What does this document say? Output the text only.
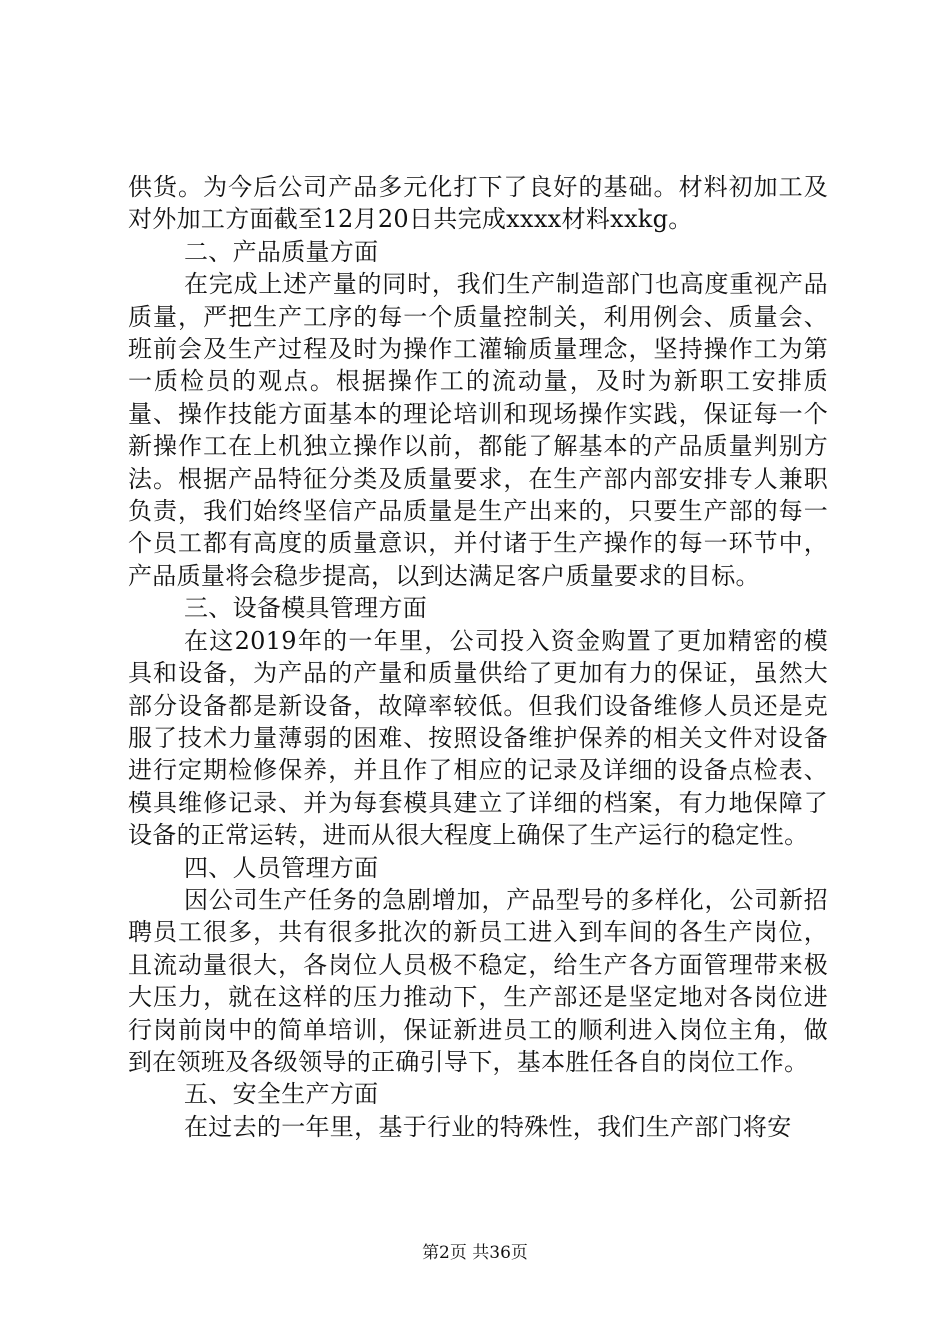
供货。为今后公司产品多元化打下了良好的基础。材料初加工及对外加工方面截至12月20日共完成xxxx材料xxkg。

二、产品质量方面

在完成上述产量的同时，我们生产制造部门也高度重视产品质量，严把生产工序的每一个质量控制关，利用例会、质量会、班前会及生产过程及时为操作工灌输质量理念，坚持操作工为第一质检员的观点。根据操作工的流动量，及时为新职工安排质量、操作技能方面基本的理论培训和现场操作实践，保证每一个新操作工在上机独立操作以前，都能了解基本的产品质量判别方法。根据产品特征分类及质量要求，在生产部内部安排专人兼职负责，我们始终坚信产品质量是生产出来的，只要生产部的每一个员工都有高度的质量意识，并付诸于生产操作的每一环节中，产品质量将会稳步提高，以到达满足客户质量要求的目标。

三、设备模具管理方面

在这2019年的一年里，公司投入资金购置了更加精密的模具和设备，为产品的产量和质量供给了更加有力的保证，虽然大部分设备都是新设备，故障率较低。但我们设备维修人员还是克服了技术力量薄弱的困难、按照设备维护保养的相关文件对设备进行定期检修保养，并且作了相应的记录及详细的设备点检表、模具维修记录、并为每套模具建立了详细的档案，有力地保障了设备的正常运转，进而从很大程度上确保了生产运行的稳定性。

四、人员管理方面

因公司生产任务的急剧增加，产品型号的多样化，公司新招聘员工很多，共有很多批次的新员工进入到车间的各生产岗位，且流动量很大，各岗位人员极不稳定，给生产各方面管理带来极大压力，就在这样的压力推动下，生产部还是坚定地对各岗位进行岗前岗中的简单培训，保证新进员工的顺利进入岗位主角，做到在领班及各级领导的正确引导下，基本胜任各自的岗位工作。

五、安全生产方面

在过去的一年里，基于行业的特殊性，我们生产部门将安

第2页 共36页
